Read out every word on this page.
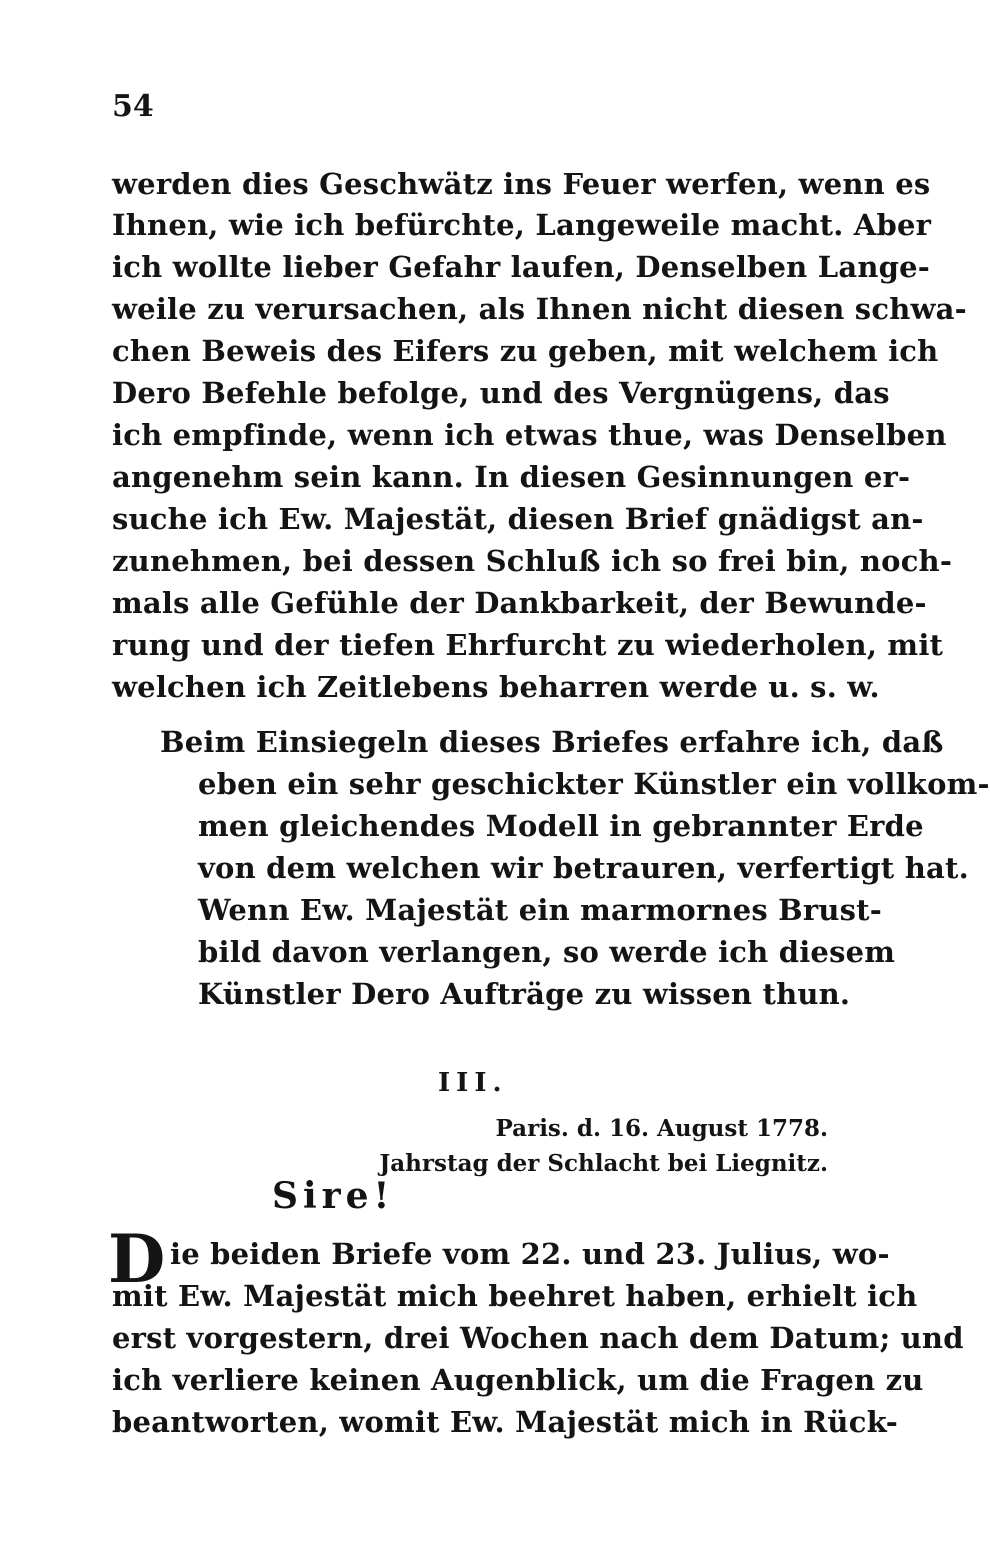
54
werden dies Geschwätz ins Feuer werfen, wenn es
Ihnen, wie ich befürchte, Langeweile macht. Aber
ich wollte lieber Gefahr laufen, Denselben Lange-
weile zu verursachen, als Ihnen nicht diesen schwa-
chen Beweis des Eifers zu geben, mit welchem ich
Dero Befehle befolge, und des Vergnügens, das
ich empfinde, wenn ich etwas thue, was Denselben
angenehm sein kann. In diesen Gesinnungen er-
suche ich Ew. Majestät, diesen Brief gnädigst an-
zunehmen, bei dessen Schluß ich so frei bin, noch-
mals alle Gefühle der Dankbarkeit, der Bewunde-
rung und der tiefen Ehrfurcht zu wiederholen, mit
welchen ich Zeitlebens beharren werde u. s. w.
Beim Einsiegeln dieses Briefes erfahre ich, daß
eben ein sehr geschickter Künstler ein vollkom-
men gleichendes Modell in gebrannter Erde
von dem welchen wir betrauren, verfertigt hat.
Wenn Ew. Majestät ein marmornes Brust-
bild davon verlangen, so werde ich diesem
Künstler Dero Aufträge zu wissen thun.
III.
Paris. d. 16. August 1778.
Jahrstag der Schlacht bei Liegnitz.
Sire!
D ie beiden Briefe vom 22. und 23. Julius, wo-
mit Ew. Majestät mich beehret haben, erhielt ich
erst vorgestern, drei Wochen nach dem Datum; und
ich verliere keinen Augenblick, um die Fragen zu
beantworten, womit Ew. Majestät mich in Rück-
